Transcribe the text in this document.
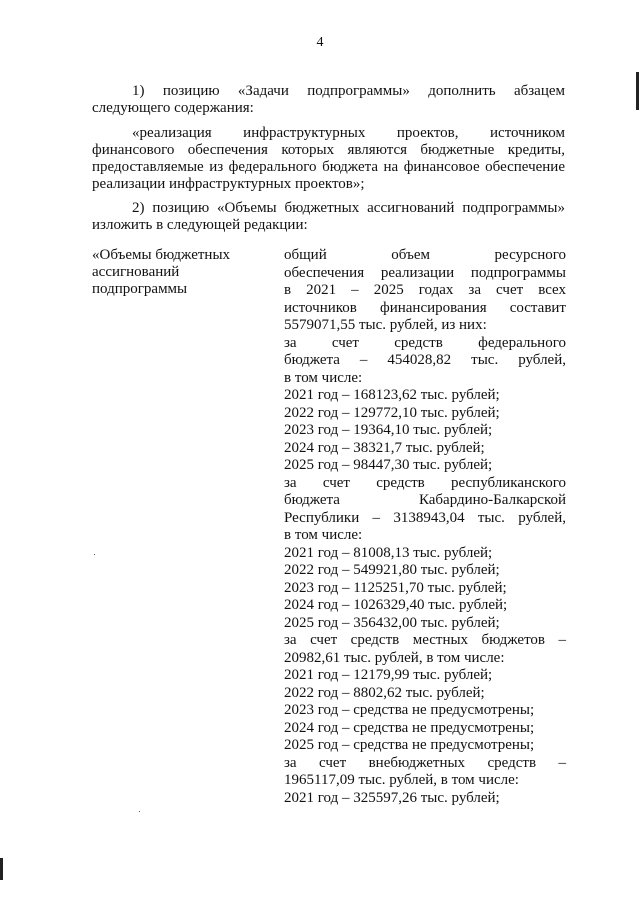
4
1) позицию «Задачи подпрограммы» дополнить абзацем следующего содержания:
«реализация инфраструктурных проектов, источником финансового обеспечения которых являются бюджетные кредиты, предоставляемые из федерального бюджета на финансовое обеспечение реализации инфраструктурных проектов»;
2) позицию «Объемы бюджетных ассигнований подпрограммы» изложить в следующей редакции:
«Объемы бюджетных ассигнований подпрограммы
общий объем ресурсного
обеспечения реализации подпрограммы
в 2021 – 2025 годах за счет всех
источников финансирования составит
5579071,55 тыс. рублей, из них:
за счет средств федерального
бюджета – 454028,82 тыс. рублей,
в том числе:
2021 год – 168123,62 тыс. рублей;
2022 год – 129772,10 тыс. рублей;
2023 год – 19364,10 тыс. рублей;
2024 год – 38321,7 тыс. рублей;
2025 год – 98447,30 тыс. рублей;
за счет средств республиканского
бюджета Кабардино-Балкарской
Республики – 3138943,04 тыс. рублей,
в том числе:
2021 год – 81008,13 тыс. рублей;
2022 год – 549921,80 тыс. рублей;
2023 год – 1125251,70 тыс. рублей;
2024 год – 1026329,40 тыс. рублей;
2025 год – 356432,00 тыс. рублей;
за счет средств местных бюджетов –
20982,61 тыс. рублей, в том числе:
2021 год – 12179,99 тыс. рублей;
2022 год – 8802,62 тыс. рублей;
2023 год – средства не предусмотрены;
2024 год – средства не предусмотрены;
2025 год – средства не предусмотрены;
за счет внебюджетных средств –
1965117,09 тыс. рублей, в том числе:
2021 год – 325597,26 тыс. рублей;
